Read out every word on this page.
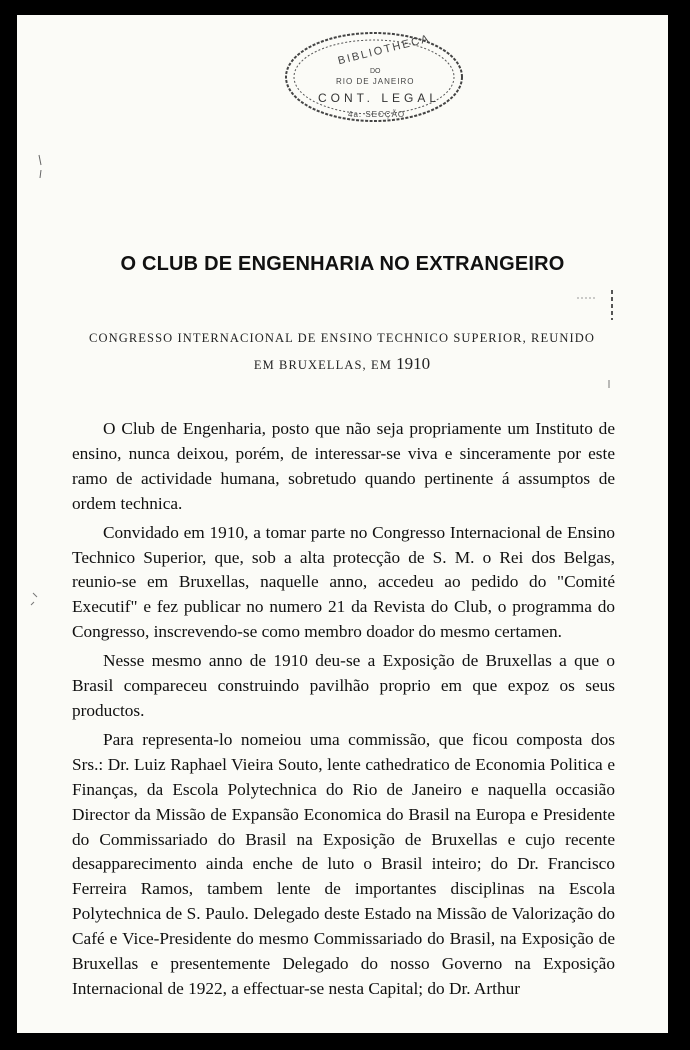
BIBLIOTHECA
DO
RIO DE JANEIRO
CONT. LEGAL
4a. SECÇÃO
O CLUB DE ENGENHARIA NO EXTRANGEIRO
CONGRESSO INTERNACIONAL DE ENSINO TECHNICO SUPERIOR, REUNIDO
EM BRUXELLAS, EM 1910

O Club de Engenharia, posto que não seja propriamente um Instituto de ensino, nunca deixou, porém, de interessar-se viva e sinceramente por este ramo de actividade humana, sobretudo quando pertinente á assumptos de ordem technica.

Convidado em 1910, a tomar parte no Congresso Internacional de Ensino Technico Superior, que, sob a alta protecção de S. M. o Rei dos Belgas, reunio-se em Bruxellas, naquelle anno, accedeu ao pedido do "Comité Executif" e fez publicar no numero 21 da Revista do Club, o programma do Congresso, inscrevendo-se como membro doador do mesmo certamen.

Nesse mesmo anno de 1910 deu-se a Exposição de Bruxellas a que o Brasil compareceu construindo pavilhão proprio em que expoz os seus productos.

Para representa-lo nomeiou uma commissão, que ficou composta dos Srs.: Dr. Luiz Raphael Vieira Souto, lente cathedratico de Economia Politica e Finanças, da Escola Polytechnica do Rio de Janeiro e naquella occasião Director da Missão de Expansão Economica do Brasil na Europa e Presidente do Commissariado do Brasil na Exposição de Bruxellas e cujo recente desapparecimento ainda enche de luto o Brasil inteiro; do Dr. Francisco Ferreira Ramos, tambem lente de importantes disciplinas na Escola Polytechnica de S. Paulo. Delegado deste Estado na Missão de Valorização do Café e Vice-Presidente do mesmo Commissariado do Brasil, na Exposição de Bruxellas e presentemente Delegado do nosso Governo na Exposição Internacional de 1922, a effectuar-se nesta Capital; do Dr. Arthur
